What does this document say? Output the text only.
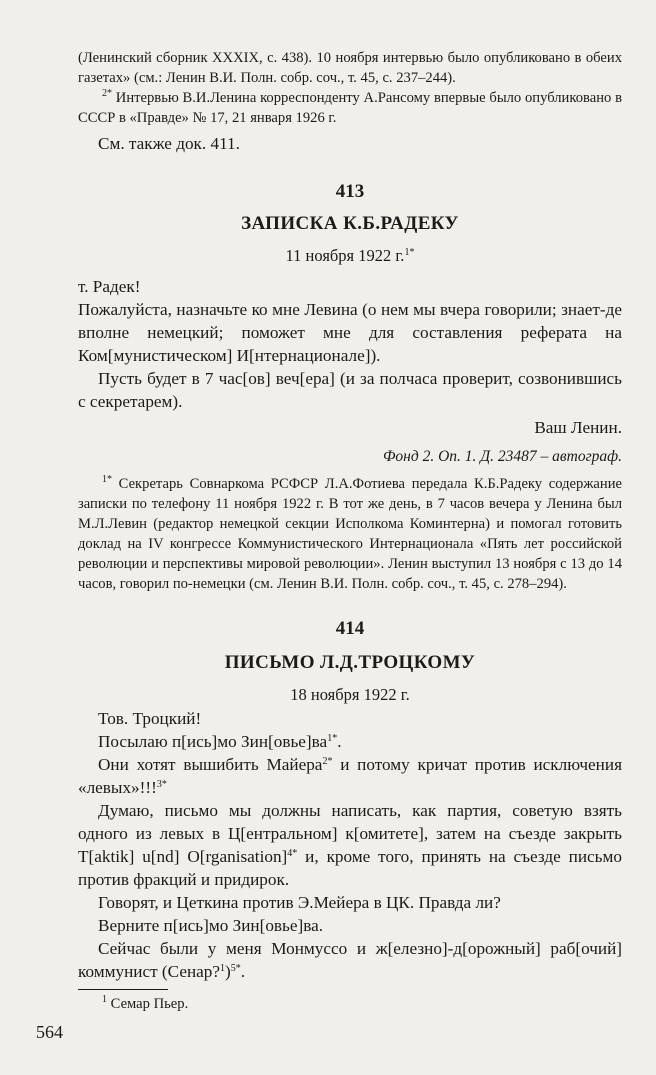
(Ленинский сборник XXXIX, с. 438). 10 ноября интервью было опубликовано в обеих газетах» (см.: Ленин В.И. Полн. собр. соч., т. 45, с. 237–244).

$^{2*}$ Интервью В.И.Ленина корреспонденту А.Рансому впервые было опубликовано в СССР в «Правде» № 17, 21 января 1926 г.

См. также док. 411.

413

ЗАПИСКА К.Б.РАДЕКУ

11 ноября 1922 г.$^{1*}$

т. Радек!

Пожалуйста, назначьте ко мне Левина (о нем мы вчера говорили; знает-де вполне немецкий; поможет мне для составления реферата на Ком[мунистическом] И[нтернационале]).

Пусть будет в 7 час[ов] веч[ера] (и за полчаса проверит, созвонившись с секретарем).

Ваш Ленин.

Фонд 2. Оп. 1. Д. 23487 – автограф.

$^{1*}$ Секретарь Совнаркома РСФСР Л.А.Фотиева передала К.Б.Радеку содержание записки по телефону 11 ноября 1922 г. В тот же день, в 7 часов вечера у Ленина был М.Л.Левин (редактор немецкой секции Исполкома Коминтерна) и помогал готовить доклад на IV конгрессе Коммунистического Интернационала «Пять лет российской революции и перспективы мировой революции». Ленин выступил 13 ноября с 13 до 14 часов, говорил по-немецки (см. Ленин В.И. Полн. собр. соч., т. 45, с. 278–294).

414

ПИСЬМО Л.Д.ТРОЦКОМУ

18 ноября 1922 г.

Тов. Троцкий!

Посылаю п[ись]мо $Зин[овье]ва^{1*}$.

Они хотят вышибить Майера$^{2*}$ и потому кричат против исключения «левых»!!!$^{3*}$

Думаю, письмо мы должны написать, как партия, советую взять одного из левых в Ц[ентральном] к[омитете], затем на съезде закрыть T[aktik] u[nd] O[rganisation]$^{4*}$ и, кроме того, принять на съезде письмо против фракций и придирок.

Говорят, и Цеткина против Э.Мейера в ЦК. Правда ли?

Верните п[ись]мо Зин[овье]ва.

Сейчас были у меня Монмуссо и ж[елезно]-д[орожный] раб[очий] коммунист (Сенар?$^1$)$^{5*}$.

$^1$ Семар Пьер.

564
